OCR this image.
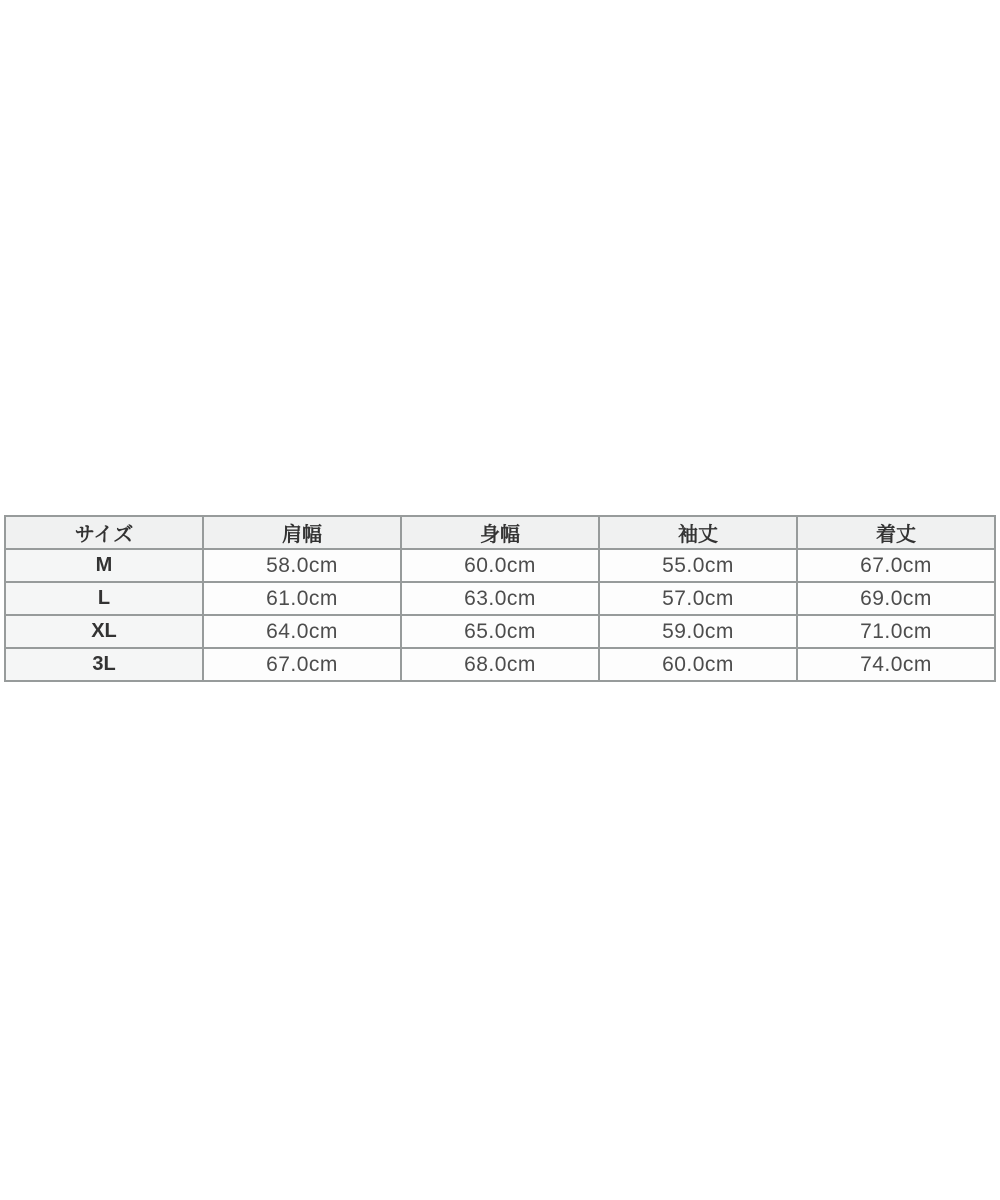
サイズ	肩幅	身幅	袖丈	着丈
M	58.0cm	60.0cm	55.0cm	67.0cm
L	61.0cm	63.0cm	57.0cm	69.0cm
XL	64.0cm	65.0cm	59.0cm	71.0cm
3L	67.0cm	68.0cm	60.0cm	74.0cm
